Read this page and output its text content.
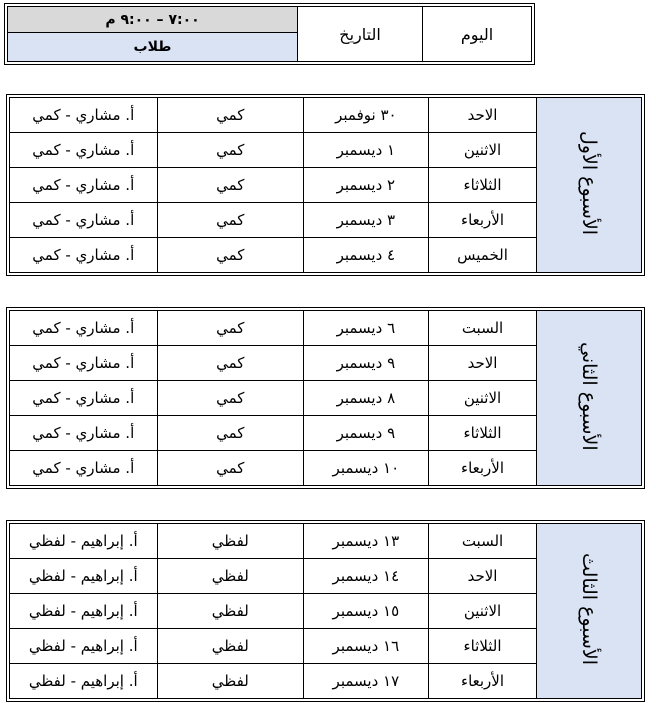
اليوم	التاريخ	٧:٠٠ – ٩:٠٠ م
طلاب
الأسبوع الأول	الاحد	٣٠ نوفمبر	كمي	أ. مشاري - كمي
	الاثنين	١ ديسمبر	كمي	أ. مشاري - كمي
	الثلاثاء	٢ ديسمبر	كمي	أ. مشاري - كمي
	الأربعاء	٣ ديسمبر	كمي	أ. مشاري - كمي
	الخميس	٤ ديسمبر	كمي	أ. مشاري - كمي
الأسبوع الثاني	السبت	٦ ديسمبر	كمي	أ. مشاري - كمي
	الاحد	٩ ديسمبر	كمي	أ. مشاري - كمي
	الاثنين	٨ ديسمبر	كمي	أ. مشاري - كمي
	الثلاثاء	٩ ديسمبر	كمي	أ. مشاري - كمي
	الأربعاء	١٠ ديسمبر	كمي	أ. مشاري - كمي
الأسبوع الثالث	السبت	١٣ ديسمبر	لفظي	أ. إبراهيم - لفظي
	الاحد	١٤ ديسمبر	لفظي	أ. إبراهيم - لفظي
	الاثنين	١٥ ديسمبر	لفظي	أ. إبراهيم - لفظي
	الثلاثاء	١٦ ديسمبر	لفظي	أ. إبراهيم - لفظي
	الأربعاء	١٧ ديسمبر	لفظي	أ. إبراهيم - لفظي
